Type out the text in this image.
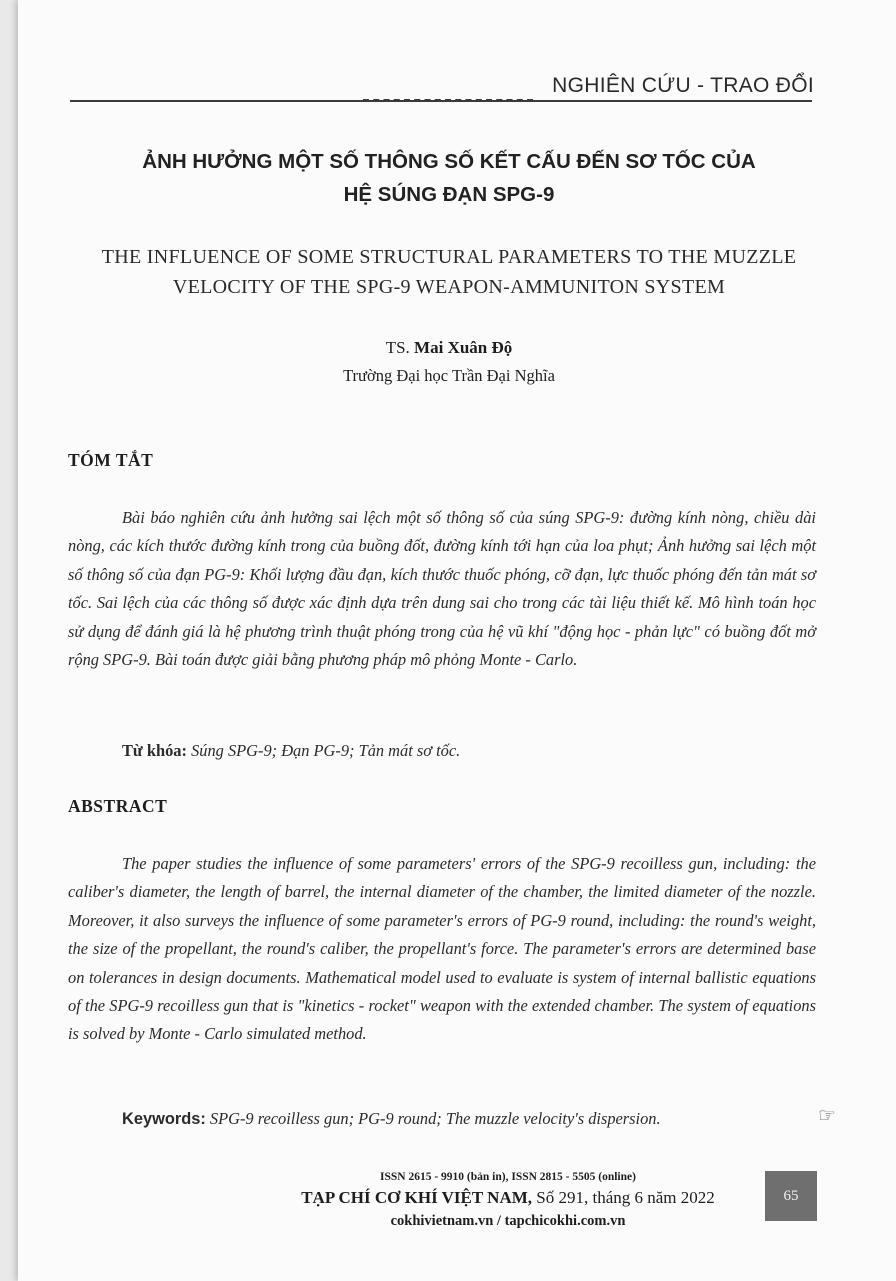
NGHIÊN CỨU - TRAO ĐỔI
ẢNH HƯỞNG MỘT SỐ THÔNG SỐ KẾT CẤU ĐẾN SƠ TỐC CỦA
HỆ SÚNG ĐẠN SPG-9
THE INFLUENCE OF SOME STRUCTURAL PARAMETERS TO THE MUZZLE
VELOCITY OF THE SPG-9 WEAPON-AMMUNITON SYSTEM
TS. Mai Xuân Độ
Trường Đại học Trần Đại Nghĩa
TÓM TẮT
Bài báo nghiên cứu ảnh hưởng sai lệch một số thông số của súng SPG-9: đường kính nòng, chiều dài nòng, các kích thước đường kính trong của buồng đốt, đường kính tới hạn của loa phụt; Ảnh hưởng sai lệch một số thông số của đạn PG-9: Khối lượng đầu đạn, kích thước thuốc phóng, cỡ đạn, lực thuốc phóng đến tản mát sơ tốc. Sai lệch của các thông số được xác định dựa trên dung sai cho trong các tài liệu thiết kế. Mô hình toán học sử dụng để đánh giá là hệ phương trình thuật phóng trong của hệ vũ khí "động học - phản lực" có buồng đốt mở rộng SPG-9. Bài toán được giải bằng phương pháp mô phỏng Monte - Carlo.
Từ khóa: Súng SPG-9; Đạn PG-9; Tản mát sơ tốc.
ABSTRACT
The paper studies the influence of some parameters' errors of the SPG-9 recoilless gun, including: the caliber's diameter, the length of barrel, the internal diameter of the chamber, the limited diameter of the nozzle. Moreover, it also surveys the influence of some parameter's errors of PG-9 round, including: the round's weight, the size of the propellant, the round's caliber, the propellant's force. The parameter's errors are determined base on tolerances in design documents. Mathematical model used to evaluate is system of internal ballistic equations of the SPG-9 recoilless gun that is "kinetics - rocket" weapon with the extended chamber. The system of equations is solved by Monte - Carlo simulated method.
Keywords: SPG-9 recoilless gun; PG-9 round; The muzzle velocity's dispersion.	☞
ISSN 2615 - 9910 (bản in), ISSN 2815 - 5505 (online)
TẠP CHÍ CƠ KHÍ VIỆT NAM, Số 291, tháng 6 năm 2022
cokhivietnam.vn / tapchicokhi.com.vn
65
